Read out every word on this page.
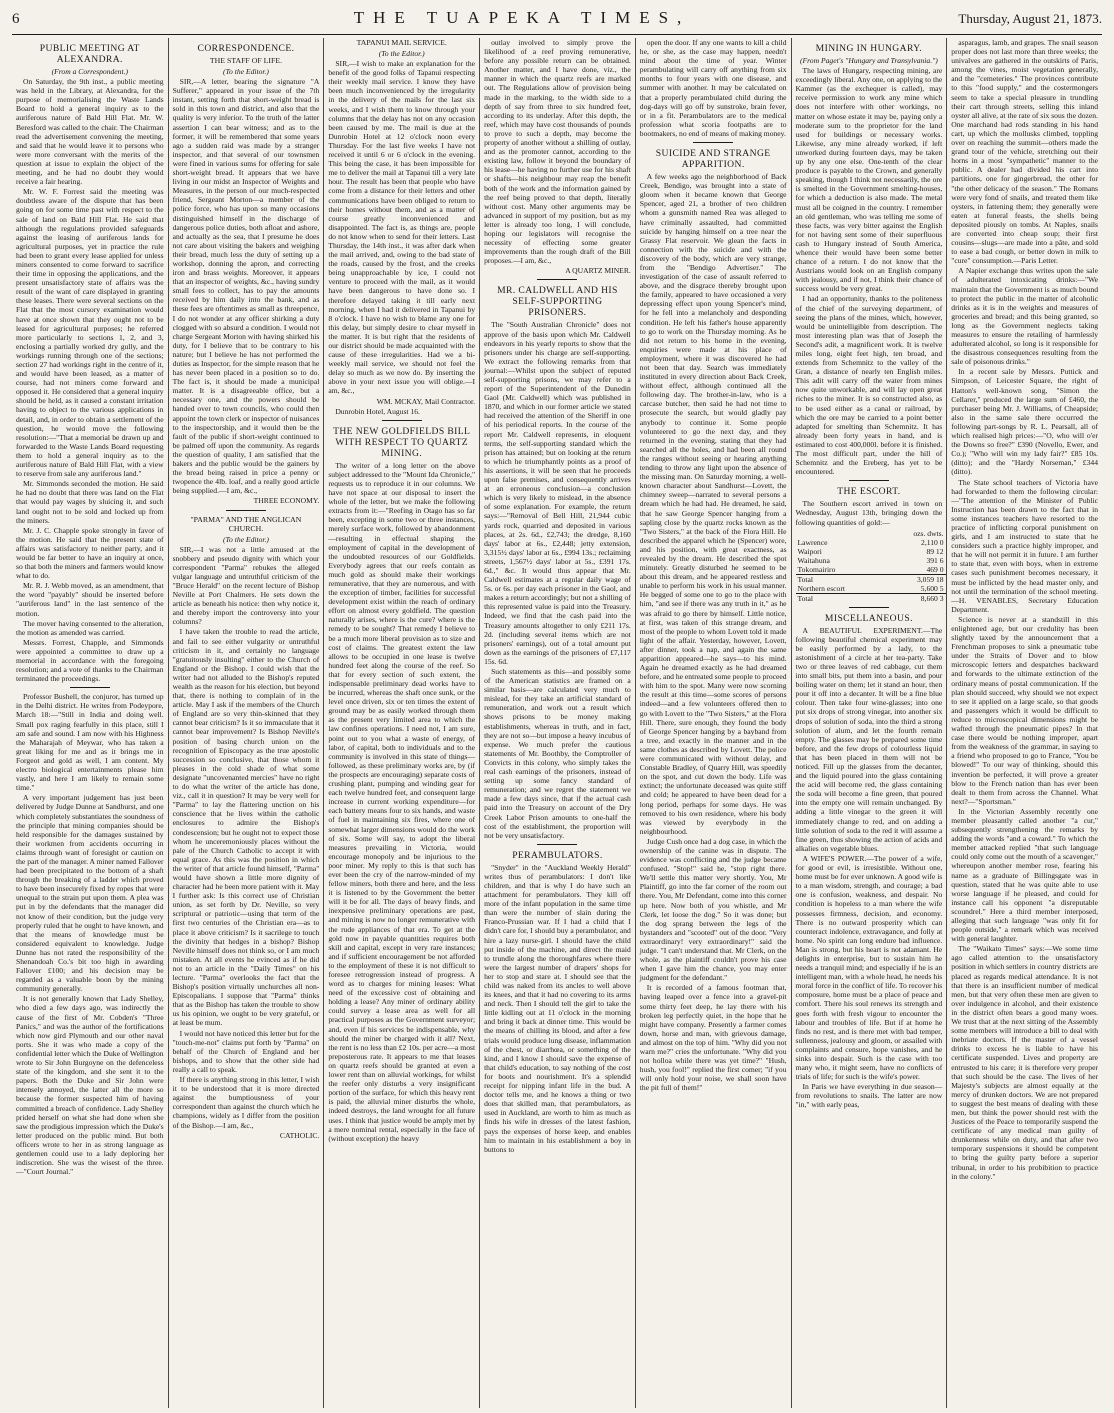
6	THE TUAPEKA TIMES,	Thursday, August 21, 1873.
PUBLIC MEETING AT ALEXANDRA.

(From a Correspondent.)

On Saturday, the 9th inst., a public meeting was held in the Library, at Alexandra, for the purpose of memorialising the Waste Lands Board to hold a general inquiry as to the auriferous nature of Bald Hill Flat. Mr. W. Beresford was called to the chair. The Chairman read the advertisement convening the meeting, and said that he would leave it to persons who were more conversant with the merits of the question at issue to explain the object of the meeting, and he had no doubt they would receive a fair hearing.

Mr. W. F. Forrest said the meeting was doubtless aware of the dispute that has been going on for some time past with respect to the sale of land on Bald Hill Flat. He said that although the regulations provided safeguards against the leasing of auriferous lands for agricultural purposes, yet in practice the rule had been to grant every lease applied for unless miners consented to come forward to sacrifice their time in opposing the applications, and the present unsatisfactory state of affairs was the result of the want of care displayed in granting these leases. There were several sections on the Flat that the most cursory examination would have at once shown that they ought not to be leased for agricultural purposes; he referred more particularly to sections 1, 2, and 3, enclosing a partially worked dry gully, and the workings running through one of the sections; section 27 had workings right in the centre of it, and would have been leased, as a matter of course, had not miners come forward and opposed it. He considered that a general inquiry should be held, as it caused a constant irritation having to object to the various applications in detail, and, in order to obtain a settlement of the question, he would move the following resolution:—"That a memorial be drawn up and forwarded to the Waste Lands Board requesting them to hold a general inquiry as to the auriferous nature of Bald Hill Flat, with a view to reserve from sale any auriferous land."

Mr. Simmonds seconded the motion. He said he had no doubt that there was land on the Flat that would pay wages by sluicing it, and such land ought not to be sold and locked up from the miners.

Mr. J. C. Chapple spoke strongly in favor of the motion. He said that the present state of affairs was satisfactory to neither party, and it would be far better to have an inquiry at once, so that both the miners and farmers would know what to do.

Mr. R. J. Webb moved, as an amendment, that the word "payably" should be inserted before "auriferous land" in the last sentence of the motion.

The mover having consented to the alteration, the motion as amended was carried.

Messrs. Forrest, Chapple, and Simmonds were appointed a committee to draw up a memorial in accordance with the foregoing resolution; and a vote of thanks to the Chairman terminated the proceedings.

Professor Bushell, the conjuror, has turned up in the Delhi district. He writes from Podeypore, March 18:—"Still in India and doing well. Small pox raging fearfully in this place, still I am safe and sound. I am now with his Highness the Maharajah of Meywar, who has taken a great liking for me and as it brings me in Forgeot and gold as well, I am content. My electro biological entertainments please him vastly, and here I am likely to remain some time."

A very important judgement has just been delivered by Judge Dunne at Sandhurst, and one which completely substantiates the soundness of the principle that mining companies should be held responsible for the damages sustained by their workmen from accidents occurring in claims through want of foresight or caution on the part of the manager. A miner named Fallover had been precipitated to the bottom of a shaft through the breaking of a ladder which proved to have been insecurely fixed by ropes that were unequal to the strain put upon them. A plea was put in by the defendants that the manager did not know of their condition, but the judge very properly ruled that he ought to have known, and that the means of knowledge must be considered equivalent to knowledge. Judge Dunne has not rated the responsibility of the Shenandoah Co.'s bit too high in awarding Fallover £100; and his decision may be regarded as a valuable boon by the mining community generally.

It is not generally known that Lady Shelley, who died a few days ago, was indirectly the cause of the first of Mr. Cobden's "Three Panics," and was the author of the fortifications which now gird Plymouth and our other naval ports. She it was who made a copy of the confidential letter which the Duke of Wellington wrote to Sir John Burgoyne on the defenceless state of the kingdom, and she sent it to the papers. Both the Duke and Sir John were intensely annoyed, the latter all the more so because the former suspected him of having committed a breach of confidence. Lady Shelley prided herself on what she had done when she saw the prodigious impression which the Duke's letter produced on the public mind. But both officers wrote to her in as strong language as gentlemen could use to a lady deploring her indiscretion. She was the wisest of the three.—"Court Journal."

CORRESPONDENCE.
THE STAFF OF LIFE.

(To the Editor.)

SIR,—A letter, bearing the signature "A Sufferer," appeared in your issue of the 7th instant, setting forth that short-weight bread is sold in this town and district, and also that the quality is very inferior. To the truth of the latter assertion I can bear witness; and as to the former, it will be remembered that some years ago a sudden raid was made by a stranger inspector, and that several of our townsmen were fined in various sums for offering for sale short-weight bread. It appears that we have living in our midst an Inspector of Weights and Measures, in the person of our much-respected friend, Sergeant Morton—a member of the police force, who has upon so many occasions distinguished himself in the discharge of dangerous police duties, both afloat and ashore, and actually as the sea, that I presume he does not care about visiting the bakers and weighing their bread, much less the duty of setting up a workshop, donning the apron, and correcting iron and brass weights. Moreover, it appears that an inspector of weights, &c., having sundry small fees to collect, has to pay the amounts received by him daily into the bank, and as these fees are oftentimes as small as threepence, I do not wonder at any officer shirking a duty clogged with so absurd a condition. I would not charge Sergeant Morton with having shirked his duty, for I believe that to be contrary to his nature; but I believe he has not performed the duties as Inspector, for the simple reason that he has never been placed in a position so to do. The fact is, it should be made a municipal matter. It is a disagreeable office, but a necessary one, and the powers should be handed over to town councils, who could then appoint the town clerk or inspector of nuisances to the inspectorship, and it would then be the fault of the public if short-weight continued to be palmed off upon the community. As regards the question of quality, I am satisfied that the bakers and the public would be the gainers by the bread being raised in price a penny or twopence the 4lb. loaf, and a really good article being supplied.—I am, &c.,

THREE ECONOMY.

"PARMA" AND THE ANGLICAN CHURCH.

(To the Editor.)

SIR,—I was not a little amused at the snobbery and pseudo dignity with which your correspondent "Parma" rebukes the alleged vulgar language and untruthful criticism of the "Bruce Herald" on the recent lecture of Bishop Neville at Port Chalmers. He sets down the article as beneath his notice: then why notice it, and thereby import the controversy into your columns?

I have taken the trouble to read the article, and fail to see either vulgarity or untruthful criticism in it, and certainly no language "gratuitously insulting" either to the Church of England or the Bishop. I could wish that the writer had not alluded to the Bishop's reputed wealth as the reason for his election, but beyond that, there is nothing to complain of in the article. May I ask if the members of the Church of England are so very thin-skinned that they cannot bear criticism? Is it so immaculate that it cannot bear improvement? Is Bishop Neville's position of basing church union on the recognition of Episcopacy as the true apostolic succession so conclusive, that those whom it pleases in the cold shade of what some designate "uncovenanted mercies" have no right to do what the writer of the article has done, viz., call it in question? It may be very well for "Parma" to lay the flattering unction on his conscience that he lives within the catholic enclosures to admire the Bishop's condescension; but he ought not to expect those whom he unceremoniously places without the pale of the Church Catholic to accept it with equal grace. As this was the position in which the writer of that article found himself, "Parma" would have shown a little more dignity of character had he been more patient with it. May I further ask: Is this correct use of Christian union, as set forth by Dr. Neville, so very scriptural or patriotic—using that term of the first two centuries of the Christian era—as to place it above criticism? Is it sacrilege to touch the divinity that hedges in a bishop? Bishop Neville himself does not think so, or I am much mistaken. At all events he evinced as if he did not to an article in the "Daily Times" on his lecture. "Parma" overlooks the fact that the Bishop's position virtually unchurches all non-Episcopalians. I suppose that "Parma" thinks that as the Bishop has taken the trouble to show us his opinion, we ought to be very grateful, or at least be mum.

I would not have noticed this letter but for the "touch-me-not" claims put forth by "Parma" on behalf of the Church of England and her bishops, and to show that the other side had really a call to speak.

If there is anything strong in this letter, I wish it to be understood that it is more directed against the bumptiousness of your correspondent than against the church which he champions, widely as I differ from the position of the Bishop.—I am, &c.,

CATHOLIC.

TAPANUI MAIL SERVICE.

(To the Editor.)

SIR,—I wish to make an explanation for the benefit of the good folks of Tapanui respecting their weekly mail service. I know they have been much inconvenienced by the irregularity in the delivery of the mails for the last six weeks, and I wish them to know through your columns that the delay has not on any occasion been caused by me. The mail is due at the Dunrobin Hotel at 12 o'clock noon every Thursday. For the last five weeks I have not received it until 6 or 6 o'clock in the evening. This being the case, it has been impossible for me to deliver the mail at Tapanui till a very late hour. The result has been that people who have come from a distance for their letters and other communications have been obliged to return to their homes without them, and as a matter of course greatly inconvenienced and disappointed. The fact is, as things are, people do not know when to send for their letters. Last Thursday, the 14th inst., it was after dark when the mail arrived, and, owing to the bad state of the roads, caused by the frost, and the creeks being unapproachable by ice, I could not venture to proceed with the mail, as it would have been dangerous to have done so. I therefore delayed taking it till early next morning, when I had it delivered in Tapanui by 8 o'clock. I have no wish to blame any one for this delay, but simply desire to clear myself in the matter. It is but right that the residents of our district should be made acquainted with the cause of these irregularities. Had we a bi-weekly mail service, we should not feel the delay so much as we now do. By inserting the above in your next issue you will oblige.—I am, &c.,

WM. MCKAY, Mail Contractor.

Dunrobin Hotel, August 16.

THE NEW GOLDFIELDS BILL WITH RESPECT TO QUARTZ MINING.

The writer of a long letter on the above subject addressed to the "Mount Ida Chronicle," requests us to reproduce it in our columns. We have not space at our disposal to insert the whole of the letter, but we make the following extracts from it:—"Reefing in Otago has so far been, excepting in some two or three instances, merely surface work, followed by abandonment—resulting in effectual shaping the employment of capital in the development of the undoubted resources of our Goldfields. Everybody agrees that our reefs contain as much gold as should make their workings remunerative, that they are numerous, and with the exception of timber, facilities for successful development exist within the reach of ordinary effort on almost every goldfield. The question naturally arises, where is the cure? where is the remedy to be sought? That remedy I believe to be a much more liberal provision as to size and cost of claims. The greatest extent the law allows to be occupied in one lease is twelve hundred feet along the course of the reef. So that for every section of such extent, the indispensable preliminary dead works have to be incurred, whereas the shaft once sunk, or the level once driven, six or ten times the extent of ground may be as easily worked through them as the present very limited area to which the law confines operations. I need not, I am sure, point out to you what a waste of energy, of labor, of capital, both to individuals and to the community is involved in this state of things—followed, as these preliminary works are, by (if the prospects are encouraging) separate costs of crushing plant, pumping and winding gear for each twelve hundred feet, and consequent large increase in current working expenditure—for each battery means four to six hands, and waste of fuel in maintaining six fires, where one of somewhat larger dimensions would do the work of six. Some will say, to adopt the liberal measures prevailing in Victoria, would encourage monopoly and be injurious to the poor miner. My reply to this is that such has ever been the cry of the narrow-minded of my fellow miners, both there and here, and the less it is listened to by the Government the better will it be for all. The days of heavy finds, and inexpensive preliminary operations are past, and mining is now no longer remunerative with the rude appliances of that era. To get at the gold now in payable quantities requires both skill and capital, except in very rare instances; and if sufficient encouragement be not afforded to the employment of these it is not difficult to foresee retrogression instead of progress. A word as to charges for mining leases: What need of the excessive cost of obtaining and holding a lease? Any miner of ordinary ability could survey a lease area as well for all practical purposes as the Government surveyor; and, even if his services be indispensable, why should the miner be charged with it all? Next, the rent is no less than £2 10s. per acre—a most preposterous rate. It appears to me that leases on quartz reefs should be granted at even a lower rent than on alluvial workings, for whilst the reefer only disturbs a very insignificant portion of the surface, for which this heavy rent is paid, the alluvial miner disturbs the whole, indeed destroys, the land wrought for all future uses. I think that justice would be amply met by a mere nominal rental, especially in the face of (without exception) the heavy

outlay involved to simply prove the likelihood of a reef proving remunerative, before any possible return can be obtained. Another matter, and I have done, viz., the manner in which the quartz reefs are marked out. The Regulations allow of provision being made in the marking, to the width side to a depth of say from three to six hundred feet, according to its underlay. After this depth, the reef, which may have cost thousands of pounds to prove to such a depth, may become the property of another without a shilling of outlay, and as the promoter cannot, according to the existing law, follow it beyond the boundary of his lease—he having no further use for his shaft or shafts—his neighbour may reap the benefit both of the work and the information gained by the reef being proved to that depth, literally without cost. Many other arguments may be advanced in support of my position, but as my letter is already too long, I will conclude, hoping our legislators will recognise the necessity of effecting some greater improvements than the rough draft of the Bill proposes.—I am, &c.,

A QUARTZ MINER.

MR. CALDWELL AND HIS SELF-SUPPORTING PRISONERS.

The "South Australian Chronicle" does not approve of the basis upon which Mr. Caldwell endeavors in his yearly reports to show that the prisoners under his charge are self-supporting. We extract the following remarks from that journal:—Whilst upon the subject of reputed self-supporting prisons, we may refer to a report of the Superintendent of the Dunedin Gaol (Mr. Caldwell) which was published in 1870, and which in our former article we stated had received the attention of the Sheriff in one of his periodical reports. In the course of the report Mr. Caldwell represents, in eloquent terms, the self-supporting standard which the prison has attained; but on looking at the return to which he triumphantly points as a proof of his assertions, it will be seen that he proceeds upon false premises, and consequently arrives at an erroneous conclusion—a conclusion which is very likely to mislead, in the absence of some explanation. For example, the return says:—"Removal of Bell Hill, 21,944 cubic yards rock, quarried and deposited in various places, at 2s. 6d., £2,743; the dredge, 8,160 days' labor at 6s., £2,448; jetty extension, 3,315½ days' labor at 6s., £994 13s.; reclaiming streets, 1,567½ days' labor at 5s., £391 17s. 6d.," &c. It would thus appear that Mr. Caldwell estimates at a regular daily wage of 5s. or 6s. per day each prisoner in the Gaol, and makes a return accordingly; but not a shilling of this represented value is paid into the Treasury. Indeed, we find that the cash paid into the Treasury amounts altogether to only £211 17s. 2d. (including several items which are not prisoners' earnings), out of a total amount put down as the earnings of the prisoners of £7,117 15s. 6d.

Such statements as this—and possibly some of the American statistics are framed on a similar basis—are calculated very much to mislead, for they take an artificial standard of remuneration, and work out a result which shows prisons to be money making establishments, whereas in truth, and in fact, they are not so—but impose a heavy incubus of expense. We much prefer the cautious statements of Mr. Boothby, the Comptroller of Convicts in this colony, who simply takes the real cash earnings of the prisoners, instead of setting up some fancy standard of remuneration; and we regret the statement we made a few days since, that if the actual cash paid into the Treasury on account of the Dry Creek Labor Prison amounts to one-half the cost of the establishment, the proportion will not be very unsatisfactory.

PERAMBULATORS.

"Snyder" in the "Auckland Weekly Herald" writes thus of perambulators: I don't like children, and that is why I do have such an attachment for perambulators. They kill off more of the infant population in the same time than were the number of slain during the Franco-Prussian war. If I had a child that I didn't care for, I should buy a perambulator, and hire a lazy nurse-girl. I should have the child put inside of the machine, and direct the maid to trundle along the thoroughfares where there were the largest number of drapers' shops for her to stop and stare at. I should see that the child was naked from its ancles to well above its knees, and that it had no covering to its arms and neck. Then I should tell the girl to take the little kidling out at 11 o'clock in the morning and bring it back at dinner time. This would be the means of chilling its blood, and after a few trials would produce lung disease, inflammation of the chest, or diarrhœa, or something of the kind, and I know I should save the expense of that child's education, to say nothing of the cost for boots and nourishment. It's a splendid receipt for nipping infant life in the bud. A doctor tells me, and he knows a thing or two does that skilled man, that perambulators, as used in Auckland, are worth to him as much as finds his wife in dresses of the latest fashion, pays the expenses of horse keep, and enables him to maintain in his establishment a boy in buttons to

open the door. If any one wants to kill a child he, or she, as the case may happen, needn't mind about the time of year. Winter perambulating will carry off anything from six months to four years with one disease, and summer with another. It may be calculated on that a properly perambulated child during the dog-days will go off by sunstroke, brain fever, or in a fit. Perambulators are to the medical profession what scoria footpaths are to bootmakers, no end of means of making money.

SUICIDE AND STRANGE APPARITION.

A few weeks ago the neighborhood of Back Creek, Bendigo, was brought into a state of gloom when it became known that George Spencer, aged 21, a brother of two children whom a gunsmith named Rea was alleged to have criminally assaulted, had committed suicide by hanging himself on a tree near the Grassy Flat reservoir. We glean the facts in connection with the suicide and with the discovery of the body, which are very strange, from the "Bendigo Advertiser." The investigation of the case of assault referred to above, and the disgrace thereby brought upon the family, appeared to have occasioned a very depressing effect upon young Spencer's mind, for he fell into a melancholy and desponding condition. He left his father's house apparently to go to work on the Thursday morning. As he did not return to his home in the evening, enquiries were made at his place of employment, where it was discovered he had not been that day. Search was immediately instituted in every direction about Back Creek, without effect, although continued all the following day. The brother-in-law, who is a carcase butcher, then said he had not time to prosecute the search, but would gladly pay anybody to continue it. Some people volunteered to go the next day, and they returned in the evening, stating that they had searched all the holes, and had been all round the ranges without seeing or hearing anything tending to throw any light upon the absence of the missing man. On Saturday morning, a well-known character about Sandhurst—Lovett, the chimney sweep—narrated to several persons a dream which he had had. He dreamed, he said, that he saw George Spencer hanging from a sapling close by the quartz rocks known as the "Two Sisters," at the back of the Flora Hill. He described the apparel which he (Spencer) wore, and his position, with great exactness, as revealed by the dream. He described the spot minutely. Greatly disturbed he seemed to be about this dream, and he appeared restless and unable to perform his work in his usual manner. He begged of some one to go to the place with him, "and see if there was any truth in it," as he was afraid to go there by himself. Little notice, at first, was taken of this strange dream, and most of the people to whom Lovett told it made light of the affair. Yesterday, however, Lovett, after dinner, took a nap, and again the same apparition appeared—he says—to his mind. Again he dreamed exactly as he had dreamed before, and he entreated some people to proceed with him to the spot. Many were now scorning the result at this time—some scores of persons indeed—and a few volunteers offered then to go with Lovett to the "Two Sisters," at the Flora Hill. There, sure enough, they found the body of George Spencer hanging by a bayband from a tree, and exactly in the manner and in the same clothes as described by Lovett. The police were communicated with without delay, and Constable Bradley, of Quarry Hill, was speedily on the spot, and cut down the body. Life was extinct; the unfortunate deceased was quite stiff and cold; he appeared to have been dead for a long period, perhaps for some days. He was removed to his own residence, where his body was viewed by everybody in the neighbourhood.

Judge Cush once had a dog case, in which the ownership of the canine was in dispute. The evidence was conflicting and the judge became confused. "Stop!" said he, "stop right there. We'll settle this matter very shortly. You, Mr Plaintiff, go into the far corner of the room out there. You, Mr Defendant, come into this corner up here. Now both of you whistle, and Mr Clerk, let loose the dog." So it was done; but the dog sprang between the legs of the bystanders and "scooted" out of the door. "Very extraordinary! very extraordinary!" said the judge. "I can't understand that. Mr Clerk, on the whole, as the plaintiff couldn't prove his case when I gave him the chance, you may enter judgment for the defendant."

It is recorded of a famous footman that, having leaped over a fence into a gravel-pit some thirty feet deep, he lay there with his broken leg perfectly quiet, in the hope that he might have company. Presently a farmer comes down, horse and man, with grievous damage, and almost on the top of him. "Why did you not warn me?" cries the unfortunate. "Why did you not holloa while there was yet time?" "Hush, hush, you fool!" replied the first comer; "if you will only hold your noise, we shall soon have the pit full of them!"

MINING IN HUNGARY.

(From Paget's "Hungary and Transylvania.")

The laws of Hungary, respecting mining, are exceedingly liberal. Any one, on applying to the Kammer (as the exchequer is called), may receive permission to work any mine which does not interfere with other workings, no matter on whose estate it may be, paying only a moderate sum to the proprietor for the land used for buildings or necessary works. Likewise, any mine already worked, if left unworked during fourteen days, may be taken up by any one else. One-tenth of the clear produce is payable to the Crown, and generally speaking, though I think not necessarily, the ore is smelted in the Government smelting-houses, for which a deduction is also made. The metal must all be coigned in the country. I remember an old gentleman, who was telling me some of these facts, was very bitter against the English for not having sent some of their superfluous cash to Hungary instead of South America, whence their would have been some better chance of a return. I do not know that the Austrians would look on an English company with jealousy, and if not, I think their chance of success would be very great.

I had an opportunity, thanks to the politeness of the chief of the surveying department, of seeing the plans of the mines, which, however, would be unintelligible from description. The most interesting plan was that of Joseph the Second's adit, a magnificent work. It is twelve miles long, eight feet high, ten broad, and extends from Schemnitz to the valley of the Gran, a distance of nearly ten English miles. This adit will carry off the water from mines now quite unworkable, and will lay open great riches to the miner. It is so constructed also, as to be used either as a canal or railroad, by which the ore may be carried to a point better adapted for smelting than Schemnitz. It has already been forty years in hand, and is estimated to cost 400,000l. before it is finished. The most difficult part, under the hill of Schemnitz and the Ereberg, has yet to be encountered.

THE ESCORT.

The Southern escort arrived in town on Wednesday, August 13th, bringing down the following quantities of gold:—

	ozs. dwts.
Lawrence	2,110 0
Waipori	89 12
Waitahuna	391 6
Tokomairiro	469 0
Total	3,059 18
Northern escort	5,600 5
Total	8,660 3
MISCELLANEOUS.

A BEAUTIFUL EXPERIMENT.—The following beautiful chemical experiment may be easily performed by a lady, to the astonishment of a circle at her tea-party. Take two or three leaves of red cabbage, cut them into small bits, put them into a basin, and pour boiling water on them; let it stand an hour, then pour it off into a decanter. It will be a fine blue colour. Then take four wine-glasses; into one put six drops of strong vinegar, into another six drops of solution of soda, into the third a strong solution of alum, and let the fourth remain empty. The glasses may be prepared some time before, and the few drops of colourless liquid that has been placed in them will not be noticed. Fill up the glasses from the decanter, and the liquid poured into the glass containing the acid will become red, the glass containing the soda will become a fine green, that poured into the empty one will remain unchanged. By adding a little vinegar to the green it will immediately change to red, and on adding a little solution of soda to the red it will assume a fine green, thus showing the action of acids and alkalies on vegetable blues.

A WIFE'S POWER.—The power of a wife, for good or evil, is irresistible. Without one, home must be for ever unknown. A good wife is to a man wisdom, strength, and courage; a bad one is confusion, weakness, and despair. No condition is hopeless to a man where the wife possesses firmness, decision, and economy. There is no outward prosperity which can counteract indolence, extravagance, and folly at home. No spirit can long endure bad influence. Man is strong, but his heart is not adamant. He delights in enterprise, but to sustain him he needs a tranquil mind; and especially if he is an intelligent man, with a whole head, he needs his moral force in the conflict of life. To recover his composure, home must be a place of peace and comfort. There his soul renews its strength and goes forth with fresh vigour to encounter the labour and troubles of life. But if at home he finds no rest, and is there met with bad temper, sullenness, jealousy and gloom, or assailed with complaints and censure, hope vanishes, and he sinks into despair. Such is the case with too many who, it might seem, have no conflicts of trials of life; for such is the wife's power.

In Paris we have everything in due season—from revolutions to snails. The latter are now "in," with early peas,

asparagus, lamb, and grapes. The snail season proper does not last more than three weeks; the univalves are gathered in the outskirts of Paris, among the vines, moist vegetation generally, and the "cemeteries." The provinces contribute to this "food supply," and the costermongers seem to take a special pleasure in trundling their cart through streets, selling this inland oyster all alive, at the rate of six sous the dozen. One marchand had rods standing in his hand cart, up which the mollusks climbed, toppling over on reaching the summit—others made the grand tour of the vehicle, stretching out their horns in a most "sympathetic" manner to the public. A dealer had divided his cart into partitions, one for gingerbread, the other for "the other delicacy of the season." The Romans were very fond of snails, and treated them like oysters, in fattening them; they generally were eaten at funeral feasts, the shells being deposited piously on tombs. At Naples, snails are converted into cheap soup; their first cousins—slugs—are made into a pâte, and sold to ease a bad cough, or better down in milk to "cure" consumption.—Paris Letter.

A Napier exchange thus writes upon the sale of adulterated intoxicating drinks:—"We maintain that the Government is as much bound to protect the public in the matter of alcoholic drinks as it is in the weights and measures of groceries and bread; and this being granted, so long as the Government neglects taking measures to ensure the retailing of harmlessly adulterated alcohol, so long is it responsible for the disastrous consequences resulting from the sale of poisonous drinks."

In a recent sale by Messrs. Puttick and Simpson, of Leicester Square, the right of Hatton's well-known song, "Simon the Cellarer," produced the large sum of £460, the purchaser being Mr. J. Williams, of Cheapside; also in the same sale there occurred the following part-songs by R. L. Pearsall, all of which realised high prices:—"O, who will o'er the Downs so free?" £390 (Novello, Ewer, and Co.); "Who will win my lady fair?" £85 10s. (ditto); and the "Hardy Norseman," £344 (ditto).

The State school teachers of Victoria have had forwarded to them the following circular:—"The attention of the Minister of Public Instruction has been drawn to the fact that in some instances teachers have resorted to the practice of inflicting corporal punishment on girls, and I am instructed to state that he considers such a practice highly improper, and that he will not permit it in future. I am further to state that, even with boys, when in extreme cases such punishment becomes necessary, it must be inflicted by the head master only, and not until the termination of the school meeting.—H. VENABLES, Secretary Education Department.

Science is never at a standstill in this enlightened age, but our credulity has been slightly taxed by the announcement that a Frenchman proposes to sink a pneumatic tube under the Straits of Dover and to blow microscopic letters and despatches backward and forwards to the ultimate extinction of the ordinary means of postal communication. If the plan should succeed, why should we not expect to see it applied on a large scale, so that goods and passengers which it would be difficult to reduce to microscopical dimensions might be wafted through the pneumatic pipes? In that case there would be nothing improper, apart from the weakness of the grammar, in saying to a friend who proposed to go to France, "You be blowed!" To our way of thinking, should this invention be perfected, it will prove a greater blow to the French nation than has ever been dealt to them from across the Channel. What next?—"Sportsman."

In the Victorian Assembly recently one member pleasantly called another "a cur," subsequently strengthening the remarks by adding the words "and a coward." To which the member attacked replied "that such language could only come out the mouth of a scavenger," whereupon another member rose, fearing his name as a graduate of Billingsgate was in question, stated that he was quite able to use worse language if he pleased, and could for instance call his opponent "a disreputable scoundrel." Here a third member interposed, alleging that such language "was only fit for people outside," a remark which was received with general laughter.

The "Waikato Times" says:—We some time ago called attention to the unsatisfactory position in which settlers in country districts are placed as regards medical attendance. It is not that there is an insufficient number of medical men, but that very often these men are given to over indulgence in alcohol, and their existence in the district often bears a good many woes. We trust that at the next sitting of the Assembly some members will introduce a bill to deal with inebriate doctors. If the master of a vessel drinks to excess he is liable to have his certificate suspended. Lives and property are entrusted to his care; it is therefore very proper that such should be the case. The lives of her Majesty's subjects are almost equally at the mercy of drunken doctors. We are not prepared to suggest the best means of dealing with these men, but think the power should rest with the Justices of the Peace to temporarily suspend the certificate of any medical man guilty of drunkenness while on duty, and that after two temporary suspensions it should be competent to bring the guilty party before a superior tribunal, in order to his probibition to practice in the colony."
